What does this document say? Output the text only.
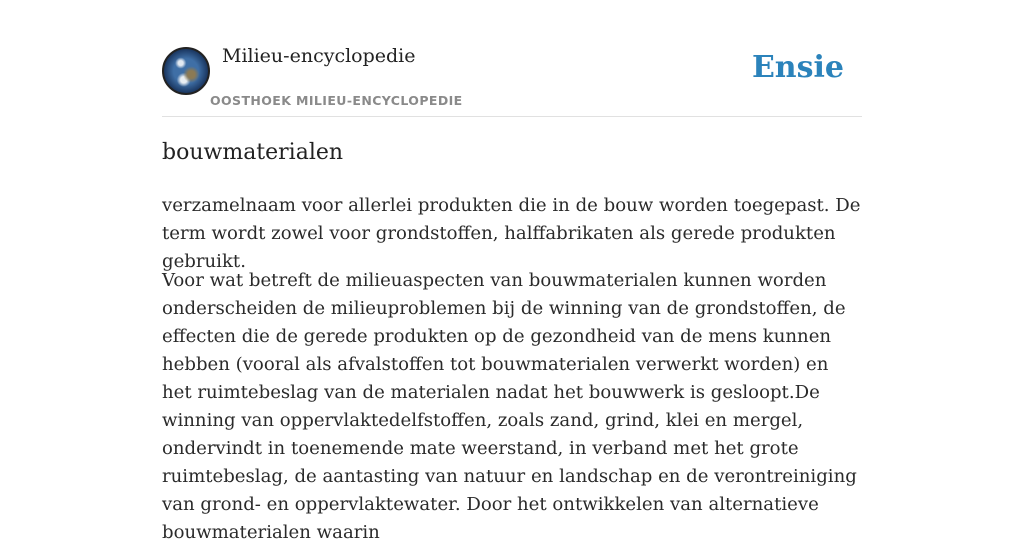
Milieu-encyclopedie
OOSTHOEK MILIEU-ENCYCLOPEDIE
Ensie
bouwmaterialen

verzamelnaam voor allerlei produkten die in de bouw worden toegepast. De term wordt zowel voor grondstoffen, halffabrikaten als gerede produkten gebruikt.

Voor wat betreft de milieuaspecten van bouwmaterialen kunnen worden onderscheiden de milieuproblemen bij de winning van de grondstoffen, de effecten die de gerede produkten op de gezondheid van de mens kunnen hebben (vooral als afvalstoffen tot bouwmaterialen verwerkt worden) en het ruimtebeslag van de materialen nadat het bouwwerk is gesloopt.De winning van oppervlaktedelfstoffen, zoals zand, grind, klei en mergel, ondervindt in toenemende mate weerstand, in verband met het grote ruimtebeslag, de aantasting van natuur en landschap en de verontreiniging van grond- en oppervlaktewater. Door het ontwikkelen van alternatieve bouwmaterialen waarin
